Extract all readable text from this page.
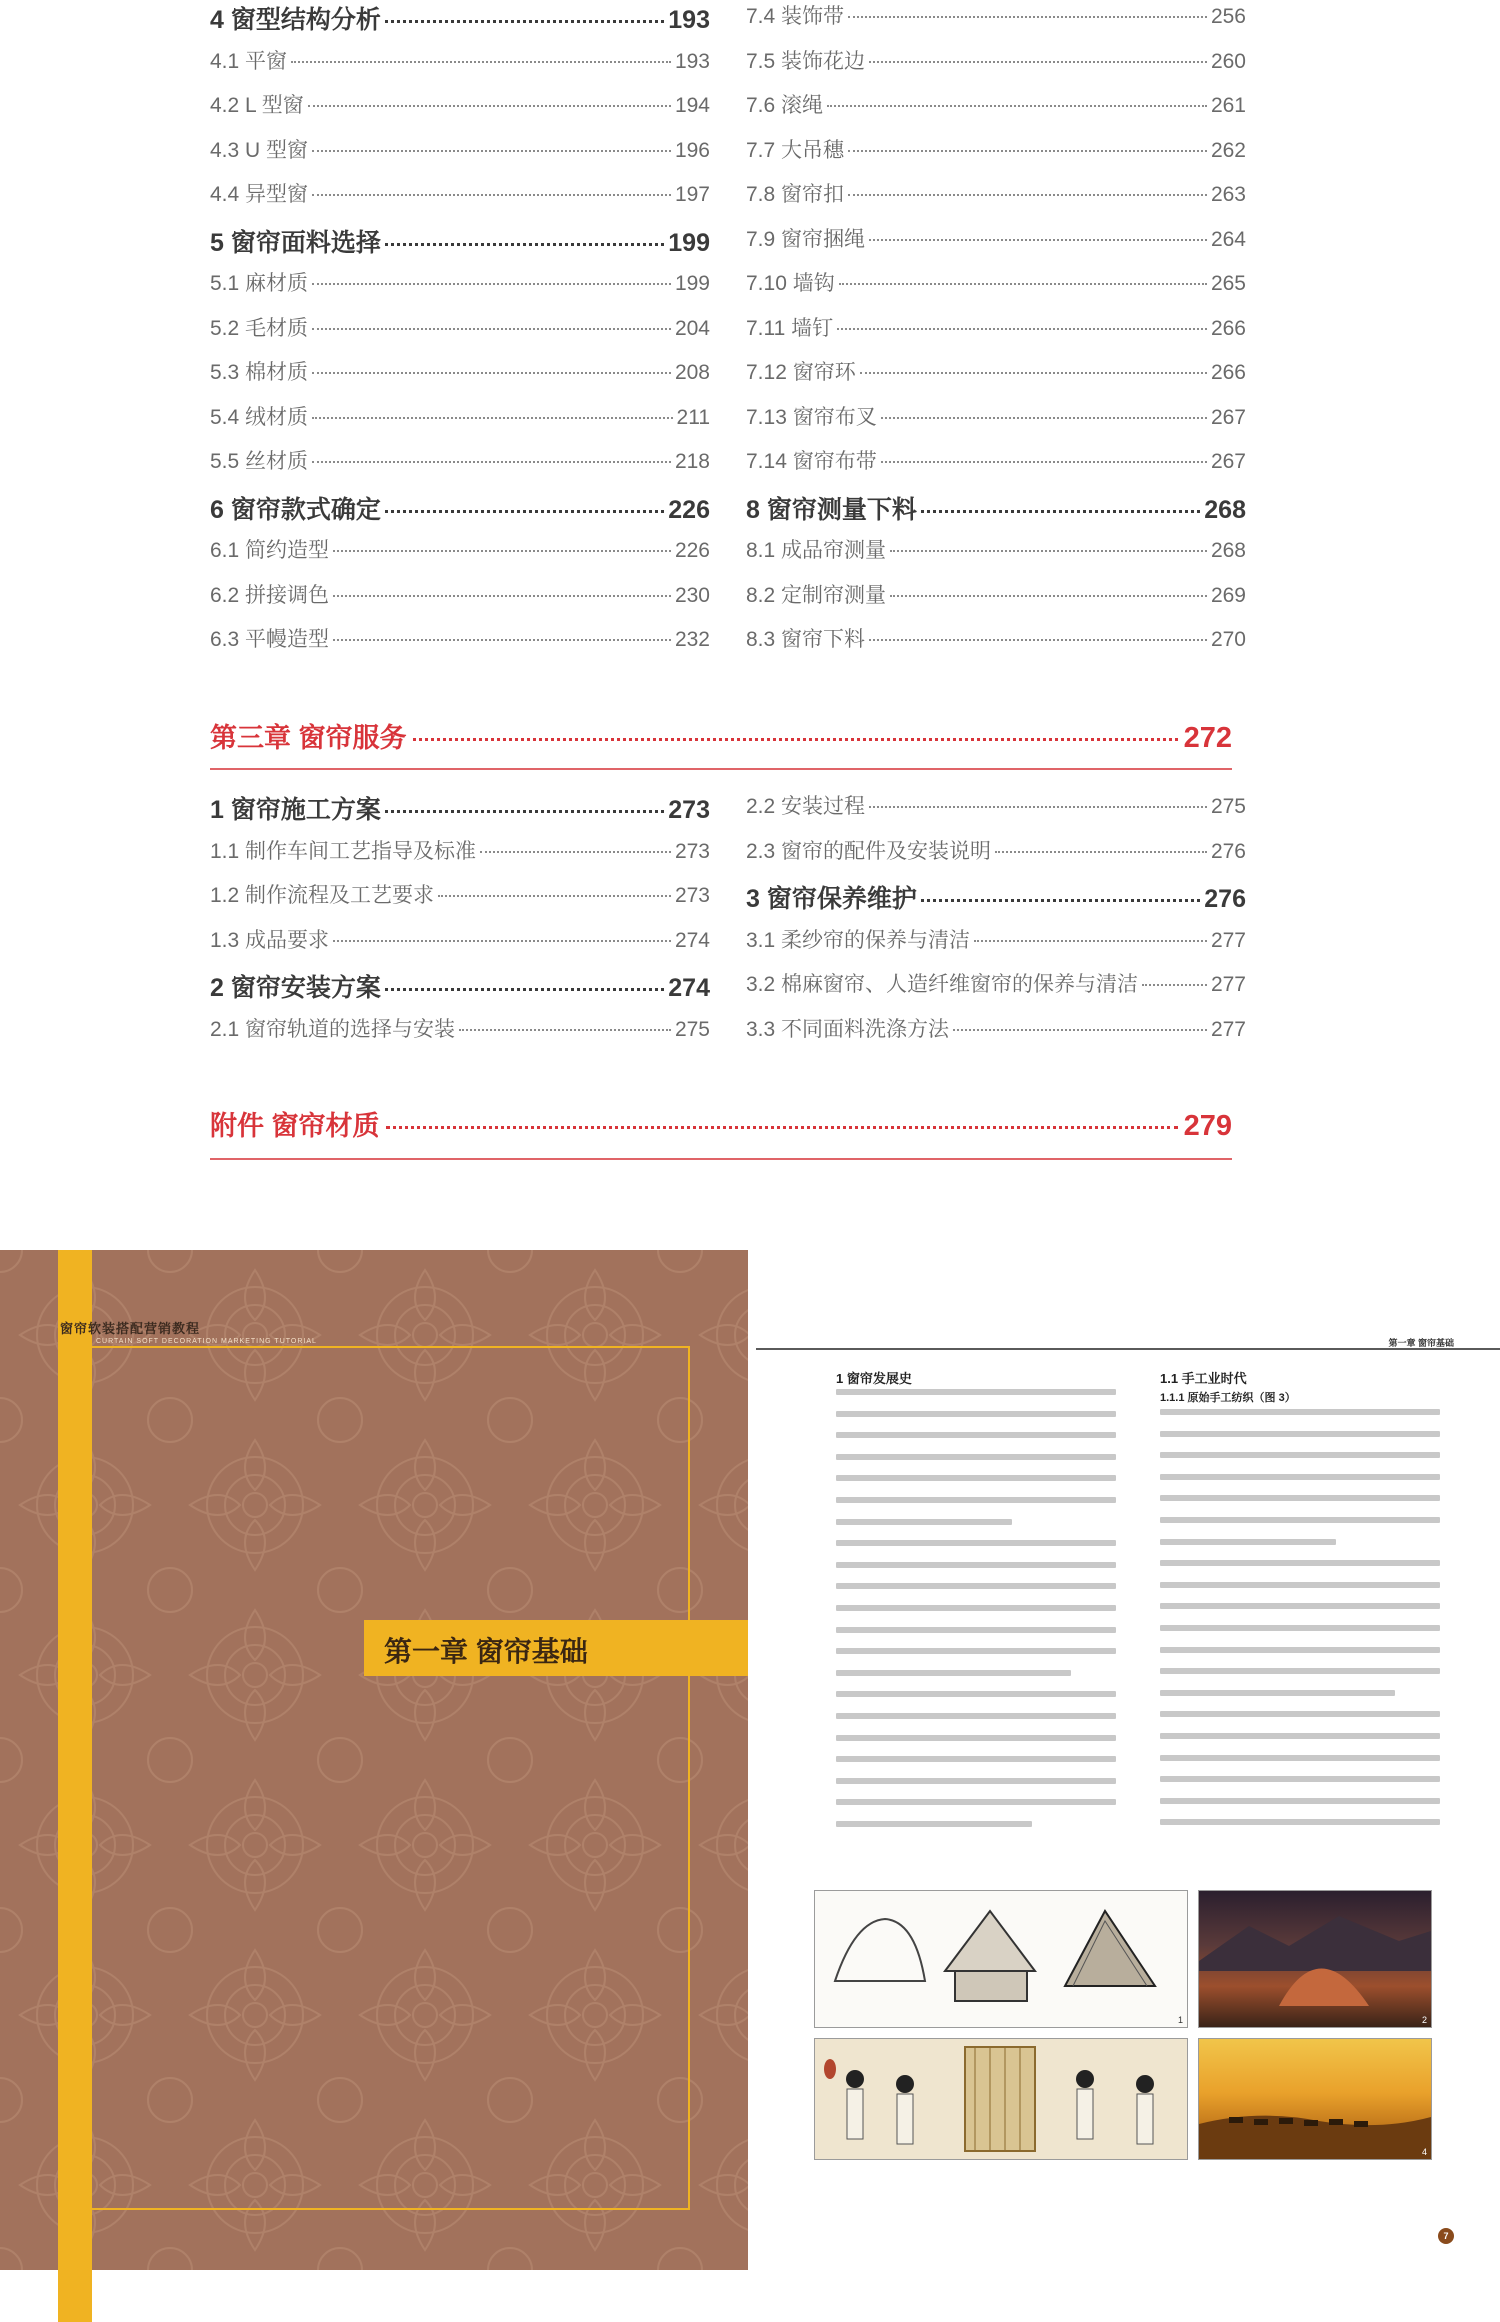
4 窗型结构分析	193
4.1 平窗	193
4.2 L 型窗	194
4.3 U 型窗	196
4.4 异型窗	197
5 窗帘面料选择	199
5.1 麻材质	199
5.2 毛材质	204
5.3 棉材质	208
5.4 绒材质	211
5.5 丝材质	218
6 窗帘款式确定	226
6.1 简约造型	226
6.2 拼接调色	230
6.3 平幔造型	232
7.4 装饰带	256
7.5 装饰花边	260
7.6 滚绳	261
7.7 大吊穗	262
7.8 窗帘扣	263
7.9 窗帘捆绳	264
7.10 墙钩	265
7.11 墙钉	266
7.12 窗帘环	266
7.13 窗帘布叉	267
7.14 窗帘布带	267
8 窗帘测量下料	268
8.1 成品帘测量	268
8.2 定制帘测量	269
8.3 窗帘下料	270
第三章 窗帘服务	272
1 窗帘施工方案	273
1.1 制作车间工艺指导及标准	273
1.2 制作流程及工艺要求	273
1.3 成品要求	274
2 窗帘安装方案	274
2.1 窗帘轨道的选择与安装	275
2.2 安装过程	275
2.3 窗帘的配件及安装说明	276
3 窗帘保养维护	276
3.1 柔纱帘的保养与清洁	277
3.2 棉麻窗帘、人造纤维窗帘的保养与清洁	277
3.3 不同面料洗涤方法	277
附件 窗帘材质	279
窗帘软装搭配营销教程
CURTAIN SOFT DECORATION MARKETING TUTORIAL
第一章 窗帘基础
第一章 窗帘基础
1 窗帘发展史	1.1 手工业时代
1.1.1 原始手工纺织（图 3）
1	2
4
7
